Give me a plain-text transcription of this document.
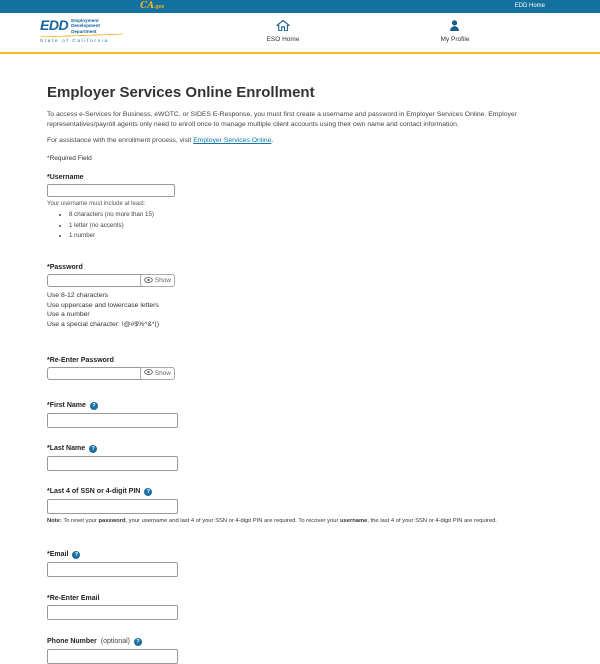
CA.gov	EDD Home
EDD Employment
Development
Department
State of California	ESO Home	My Profile
Employer Services Online Enrollment

To access e-Services for Business, eWOTC, or SIDES E-Response, you must first create a username and password in Employer Services Online. Employer representatives/payroll agents only need to enroll once to manage multiple client accounts using their own name and contact information.

For assistance with the enrollment process, visit Employer Services Online.

*Required Field
*Username
Your username must include at least:
• 8 characters (no more than 15)
• 1 letter (no accents)
• 1 number
*Password
Show
Use 8-12 characters
Use uppercase and lowercase letters
Use a number
Use a special character: !@#$%^&*()
*Re-Enter Password
Show
*First Name	?
*Last Name	?
*Last 4 of SSN or 4-digit PIN	?
Note: To reset your password, your username and last 4 of your SSN or 4-digit PIN are required. To recover your username, the last 4 of your SSN or 4-digit PIN are required.
*Email	?
*Re-Enter Email
Phone Number (optional)	?
